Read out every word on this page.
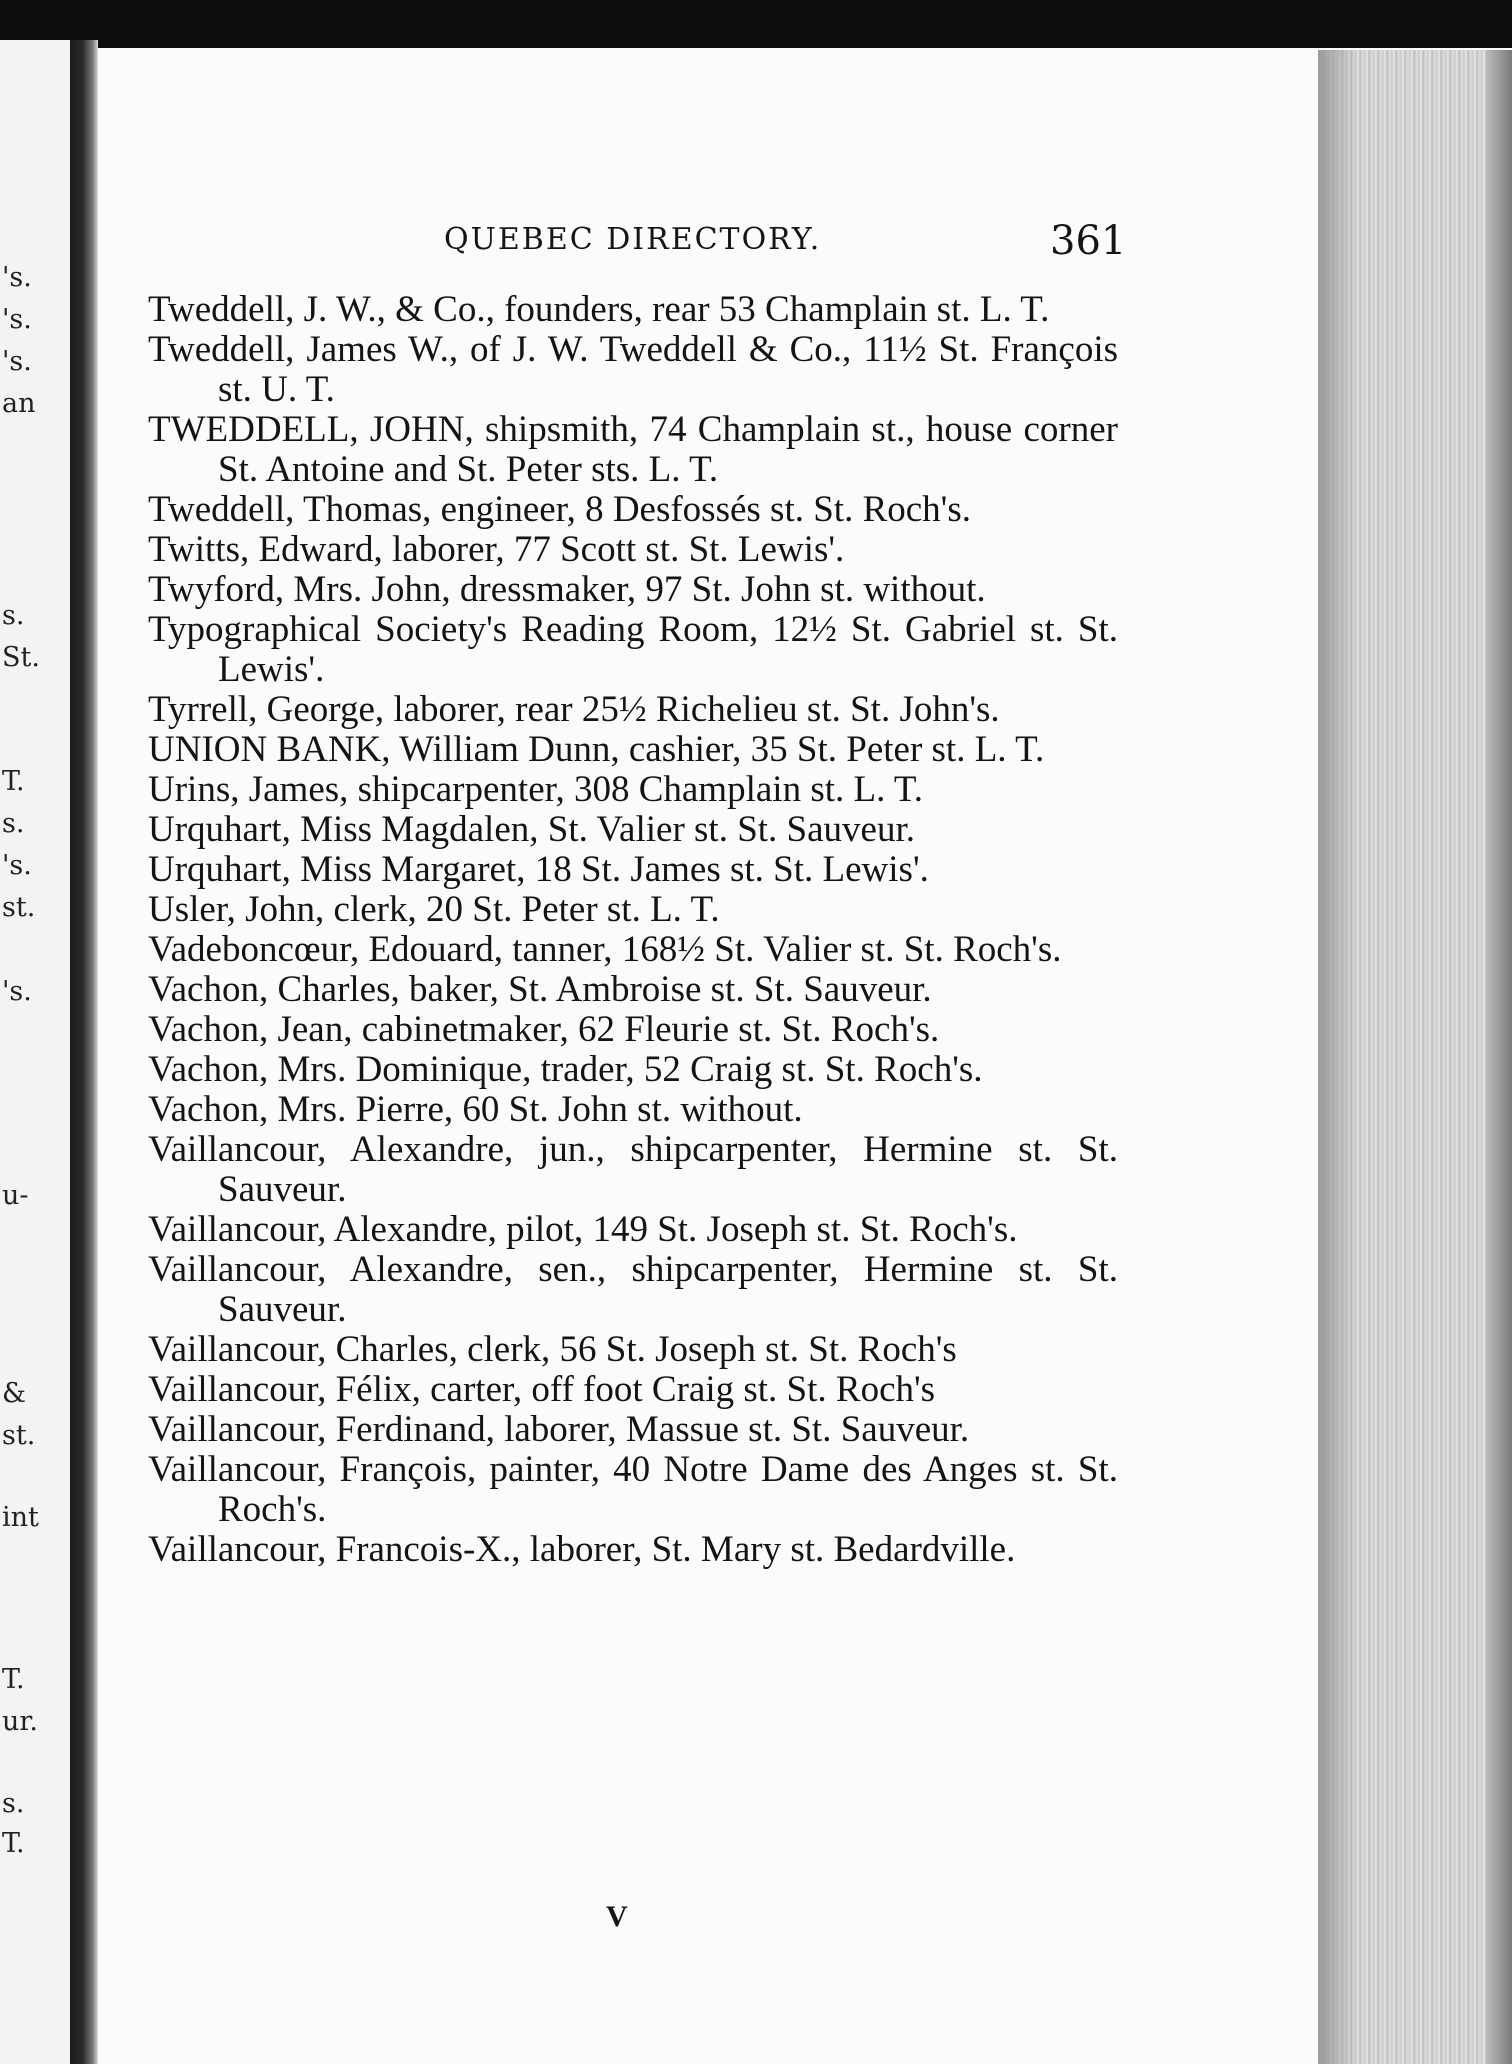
's.
's.
's.
an
s.
St.
T.
s.
's.
st.
's.
u-
&
st.
int
T.
ur.
s.
T.
QUEBEC DIRECTORY.	361
Tweddell, J. W., & Co., founders, rear 53 Champlain st. L. T.
Tweddell, James W., of J. W. Tweddell & Co., 11½ St. François st. U. T.
TWEDDELL, JOHN, shipsmith, 74 Champlain st., house corner St. Antoine and St. Peter sts. L. T.
Tweddell, Thomas, engineer, 8 Desfossés st. St. Roch's.
Twitts, Edward, laborer, 77 Scott st. St. Lewis'.
Twyford, Mrs. John, dressmaker, 97 St. John st. without.
Typographical Society's Reading Room, 12½ St. Gabriel st. St. Lewis'.
Tyrrell, George, laborer, rear 25½ Richelieu st. St. John's.
UNION BANK, William Dunn, cashier, 35 St. Peter st. L. T.
Urins, James, shipcarpenter, 308 Champlain st. L. T.
Urquhart, Miss Magdalen, St. Valier st. St. Sauveur.
Urquhart, Miss Margaret, 18 St. James st. St. Lewis'.
Usler, John, clerk, 20 St. Peter st. L. T.
Vadeboncœur, Edouard, tanner, 168½ St. Valier st. St. Roch's.
Vachon, Charles, baker, St. Ambroise st. St. Sauveur.
Vachon, Jean, cabinetmaker, 62 Fleurie st. St. Roch's.
Vachon, Mrs. Dominique, trader, 52 Craig st. St. Roch's.
Vachon, Mrs. Pierre, 60 St. John st. without.
Vaillancour, Alexandre, jun., shipcarpenter, Hermine st. St. Sauveur.
Vaillancour, Alexandre, pilot, 149 St. Joseph st. St. Roch's.
Vaillancour, Alexandre, sen., shipcarpenter, Hermine st. St. Sauveur.
Vaillancour, Charles, clerk, 56 St. Joseph st. St. Roch's
Vaillancour, Félix, carter, off foot Craig st. St. Roch's
Vaillancour, Ferdinand, laborer, Massue st. St. Sauveur.
Vaillancour, François, painter, 40 Notre Dame des Anges st. St. Roch's.
Vaillancour, Francois-X., laborer, St. Mary st. Bedardville.
V
